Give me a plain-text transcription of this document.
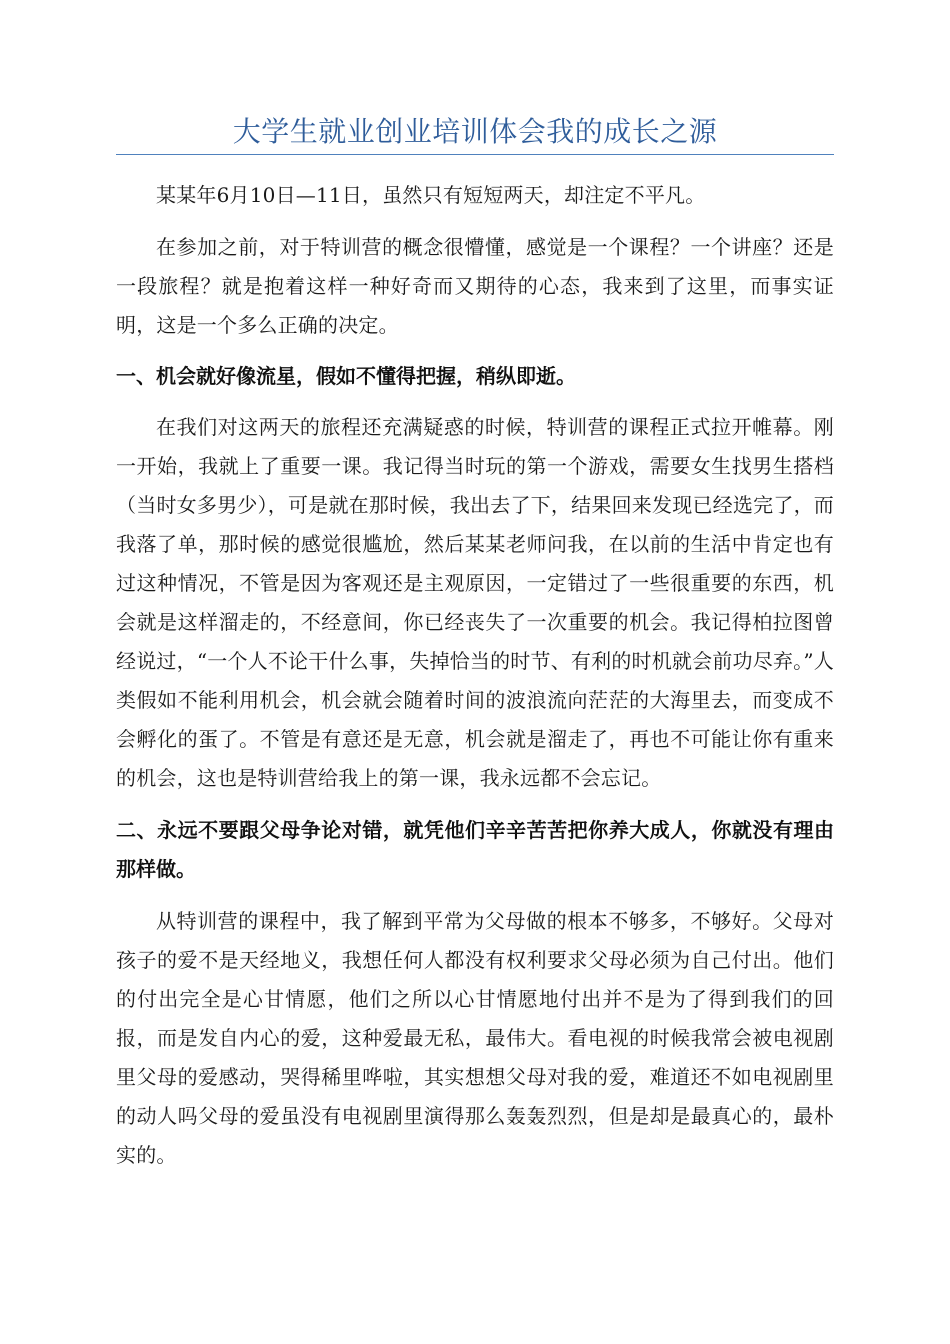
大学生就业创业培训体会我的成长之源

某某年6月10日—11日，虽然只有短短两天，却注定不平凡。

在参加之前，对于特训营的概念很懵懂，感觉是一个课程？一个讲座？还是一段旅程？就是抱着这样一种好奇而又期待的心态，我来到了这里，而事实证明，这是一个多么正确的决定。

一、机会就好像流星，假如不懂得把握，稍纵即逝。

在我们对这两天的旅程还充满疑惑的时候，特训营的课程正式拉开帷幕。刚一开始，我就上了重要一课。我记得当时玩的第一个游戏，需要女生找男生搭档（当时女多男少），可是就在那时候，我出去了下，结果回来发现已经选完了，而我落了单，那时候的感觉很尴尬，然后某某老师问我，在以前的生活中肯定也有过这种情况，不管是因为客观还是主观原因，一定错过了一些很重要的东西，机会就是这样溜走的，不经意间，你已经丧失了一次重要的机会。我记得柏拉图曾经说过，“一个人不论干什么事，失掉恰当的时节、有利的时机就会前功尽弃。”人类假如不能利用机会，机会就会随着时间的波浪流向茫茫的大海里去，而变成不会孵化的蛋了。不管是有意还是无意，机会就是溜走了，再也不可能让你有重来的机会，这也是特训营给我上的第一课，我永远都不会忘记。

二、永远不要跟父母争论对错，就凭他们辛辛苦苦把你养大成人，你就没有理由那样做。

从特训营的课程中，我了解到平常为父母做的根本不够多，不够好。父母对孩子的爱不是天经地义，我想任何人都没有权利要求父母必须为自己付出。他们的付出完全是心甘情愿，他们之所以心甘情愿地付出并不是为了得到我们的回报，而是发自内心的爱，这种爱最无私，最伟大。看电视的时候我常会被电视剧里父母的爱感动，哭得稀里哗啦，其实想想父母对我的爱，难道还不如电视剧里的动人吗父母的爱虽没有电视剧里演得那么轰轰烈烈，但是却是最真心的，最朴实的。
